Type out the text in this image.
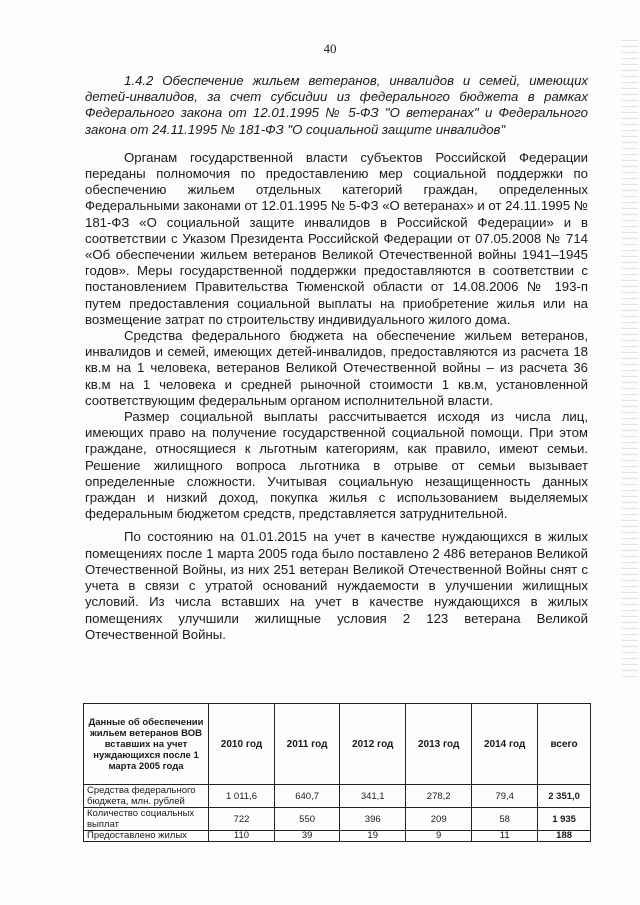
40

1.4.2 Обеспечение жильем ветеранов, инвалидов и семей, имеющих детей-инвалидов, за счет субсидии из федерального бюджета в рамках Федерального закона от 12.01.1995 № 5-ФЗ "О ветеранах" и Федерального закона от 24.11.1995 № 181-ФЗ "О социальной защите инвалидов"

Органам государственной власти субъектов Российской Федерации переданы полномочия по предоставлению мер социальной поддержки по обеспечению жильем отдельных категорий граждан, определенных Федеральными законами от 12.01.1995 № 5-ФЗ «О ветеранах» и от 24.11.1995 № 181-ФЗ «О социальной защите инвалидов в Российской Федерации» и в соответствии с Указом Президента Российской Федерации от 07.05.2008 № 714 «Об обеспечении жильем ветеранов Великой Отечественной войны 1941–1945 годов». Меры государственной поддержки предоставляются в соответствии с постановлением Правительства Тюменской области от 14.08.2006 № 193-п путем предоставления социальной выплаты на приобретение жилья или на возмещение затрат по строительству индивидуального жилого дома.

Средства федерального бюджета на обеспечение жильем ветеранов, инвалидов и семей, имеющих детей-инвалидов, предоставляются из расчета 18 кв.м на 1 человека, ветеранов Великой Отечественной войны – из расчета 36 кв.м на 1 человека и средней рыночной стоимости 1 кв.м, установленной соответствующим федеральным органом исполнительной власти.

Размер социальной выплаты рассчитывается исходя из числа лиц, имеющих право на получение государственной социальной помощи. При этом граждане, относящиеся к льготным категориям, как правило, имеют семьи. Решение жилищного вопроса льготника в отрыве от семьи вызывает определенные сложности. Учитывая социальную незащищенность данных граждан и низкий доход, покупка жилья с использованием выделяемых федеральным бюджетом средств, представляется затруднительной.

По состоянию на 01.01.2015 на учет в качестве нуждающихся в жилых помещениях после 1 марта 2005 года было поставлено 2 486 ветеранов Великой Отечественной Войны, из них 251 ветеран Великой Отечественной Войны снят с учета в связи с утратой оснований нуждаемости в улучшении жилищных условий. Из числа вставших на учет в качестве нуждающихся в жилых помещениях улучшили жилищные условия 2 123 ветерана Великой Отечественной Войны.

Данные об обеспечении жильем ветеранов ВОВ вставших на учет нуждающихся после 1 марта 2005 года	2010 год	2011 год	2012 год	2013 год	2014 год	всего
Средства федерального бюджета, млн. рублей	1 011,6	640,7	341,1	278,2	79,4	2 351,0
Количество социальных выплат	722	550	396	209	58	1 935
Предоставлено жилых	110	39	19	9	11	188
